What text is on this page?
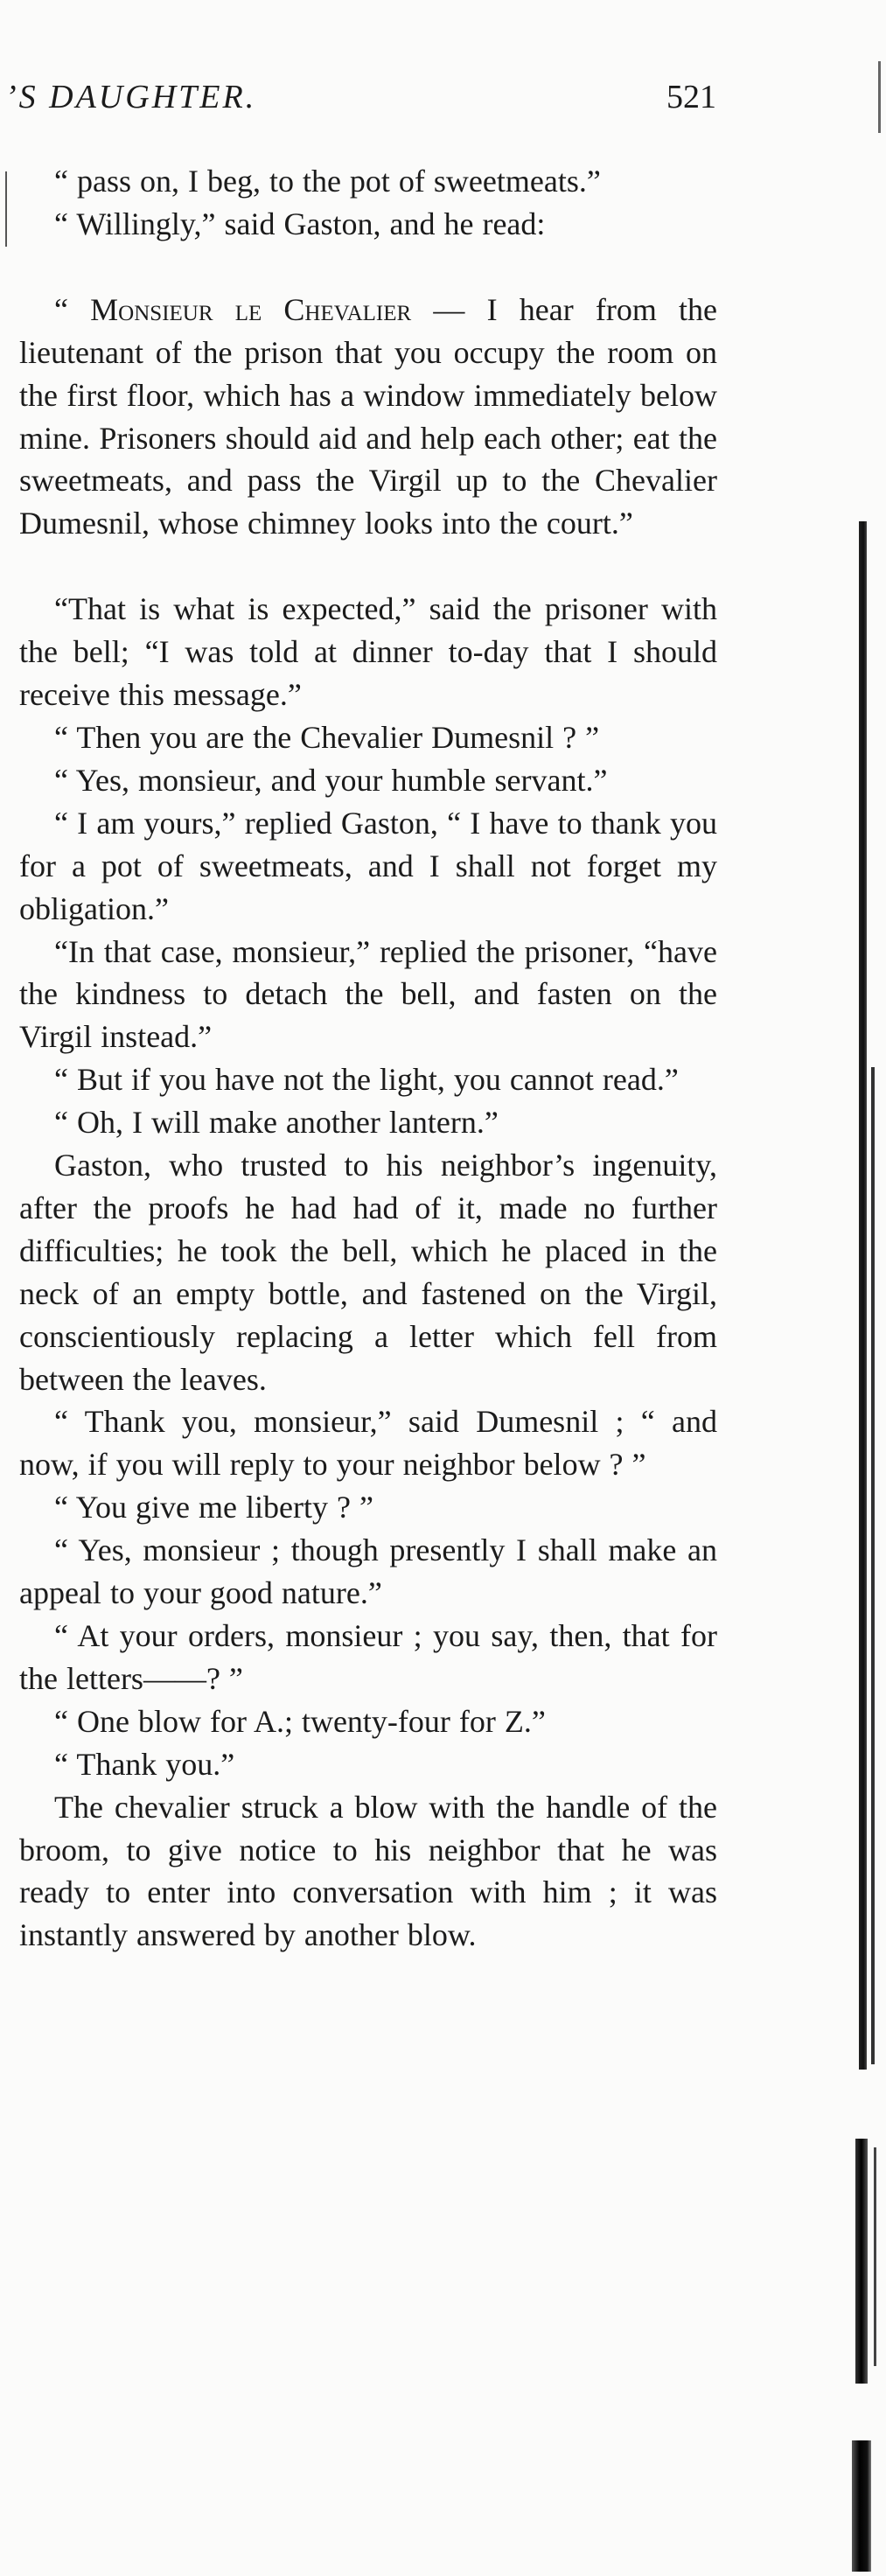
’S DAUGHTER.	521

“ pass on, I beg, to the pot of sweetmeats.”

“ Willingly,” said Gaston, and he read:

“ Monsieur le Chevalier — I hear from the lieutenant of the prison that you occupy the room on the first floor, which has a window immediately below mine. Prisoners should aid and help each other; eat the sweetmeats, and pass the Virgil up to the Chevalier Dumesnil, whose chimney looks into the court.”

“That is what is expected,” said the prisoner with the bell; “I was told at dinner to-day that I should receive this message.”

“ Then you are the Chevalier Dumesnil ? ”

“ Yes, monsieur, and your humble servant.”

“ I am yours,” replied Gaston, “ I have to thank you for a pot of sweetmeats, and I shall not forget my obligation.”

“In that case, monsieur,” replied the prisoner, “have the kindness to detach the bell, and fasten on the Virgil instead.”

“ But if you have not the light, you cannot read.”

“ Oh, I will make another lantern.”

Gaston, who trusted to his neighbor’s ingenuity, after the proofs he had had of it, made no further difficulties; he took the bell, which he placed in the neck of an empty bottle, and fastened on the Virgil, conscientiously replacing a letter which fell from between the leaves.

“ Thank you, monsieur,” said Dumesnil ; “ and now, if you will reply to your neighbor below ? ”

“ You give me liberty ? ”

“ Yes, monsieur ; though presently I shall make an appeal to your good nature.”

“ At your orders, monsieur ; you say, then, that for the letters——? ”

“ One blow for A.; twenty-four for Z.”

“ Thank you.”

The chevalier struck a blow with the handle of the broom, to give notice to his neighbor that he was ready to enter into conversation with him ; it was instantly answered by another blow.
